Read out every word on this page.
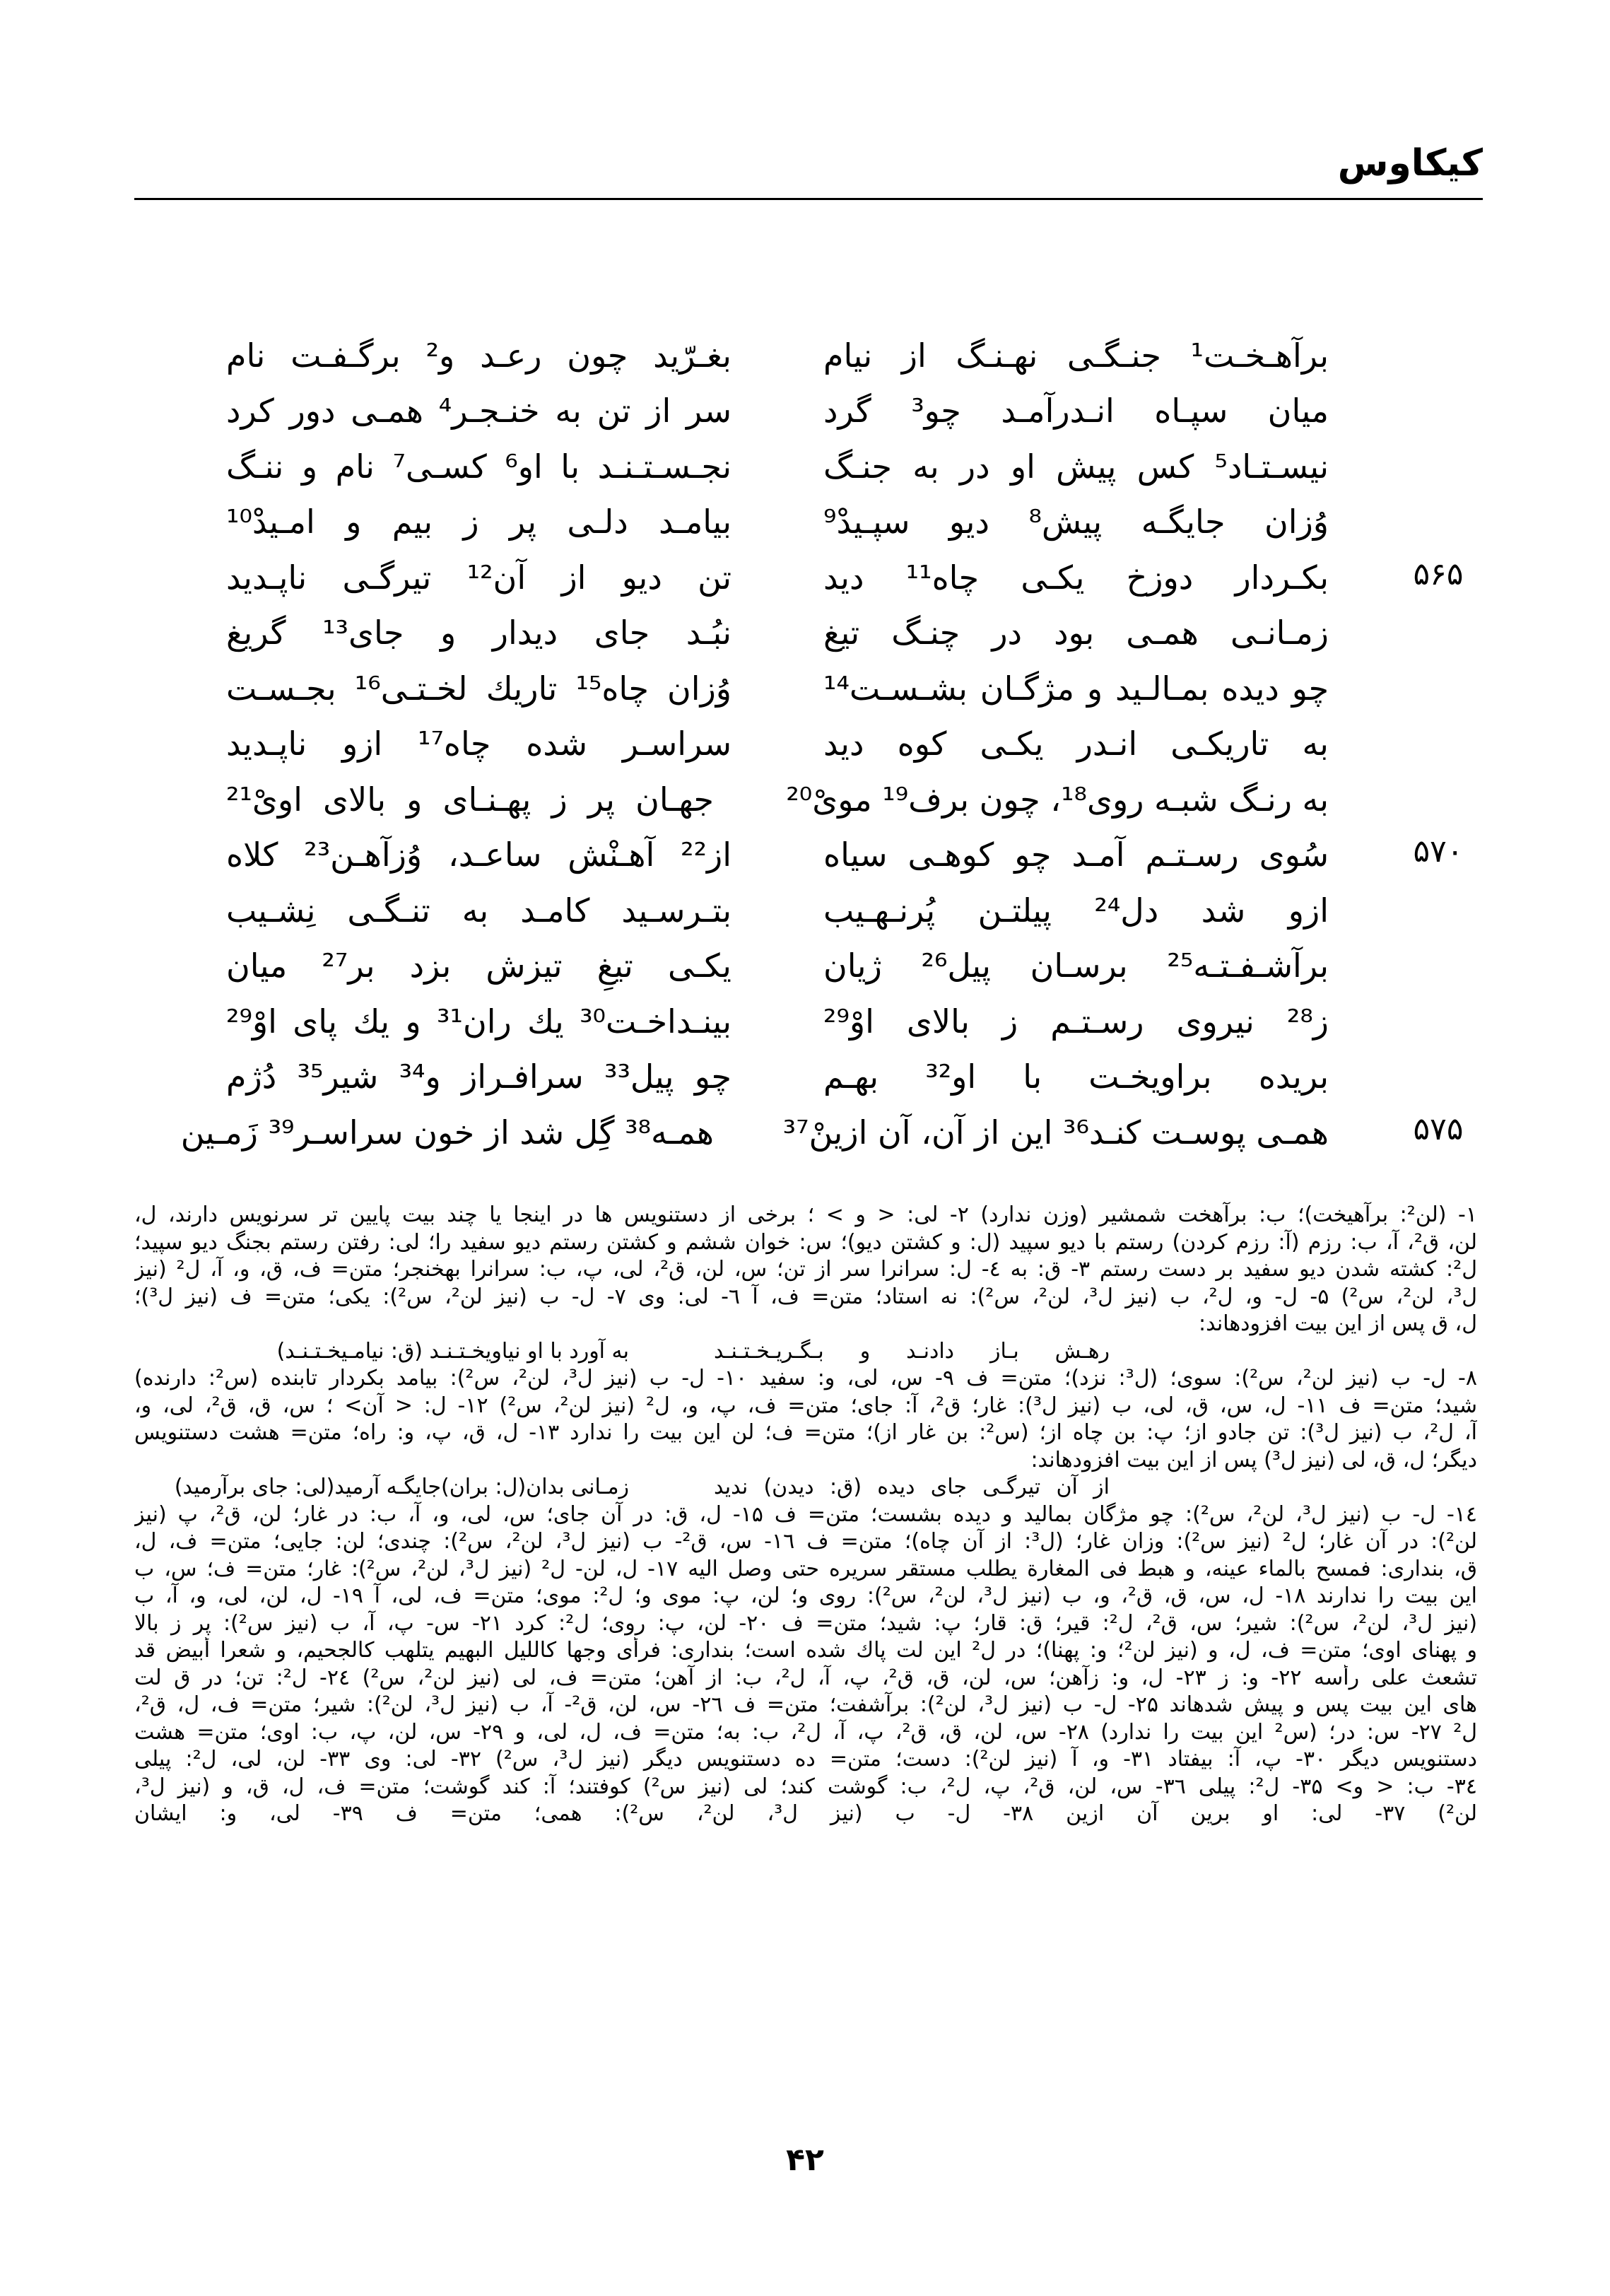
کیکاوس
برآهـخـت¹ جنـگـی نهـنـگ از نیام
بغـرّید چون رعـد و² برگـفـت نام
میان سپـاه انـدرآمـد چو³ گرد
سر از تن به خنـجـر⁴ همـی دور کرد
نیسـتـاد⁵ کس پیش او در به جنـگ
نجـسـتـنـد با او⁶ کسـی⁷ نام و ننـگ
وُزان جایگـه پیش⁸ دیو سپـیدْ⁹
بیامـد دلـی پر ز بیم و امـیدْ¹⁰
۵۶۵
بکـردار دوزخ یکـی چاه¹¹ دید
تن دیو از آن¹² تیرگـی ناپـدید
زمـانـی همـی بود در چنـگ تیغ
نبُـد جای دیدار و جای¹³ گریغ
چو دیده بمـالـید و مژگـان بشـسـت¹⁴
وُزان چاه¹⁵ تاریك لخـتـی¹⁶ بجـسـت
به تاریکـی انـدر یکـی کوه دید
سراسـر شده چاه¹⁷ ازو ناپـدید
به رنـگ شبـه روی¹⁸، چون برف¹⁹ مویْ²⁰
جهـان پر ز پهـنـای و بالای اویْ²¹
۵۷۰
سُوی رسـتـم آمـد چو کوهـی سیاه
از²² آهـنْش ساعـد، وُزآهـن²³ کلاه
ازو شد دل²⁴ پیلتـن پُرنـهـیب
بتـرسـید کامـد به تنـگـی نِشـیب
برآشـفـتـه²⁵ برسـان پیل²⁶ ژیان
یکـی تیغِ تیزش بزد بر²⁷ میان
ز²⁸ نیروی رسـتـم ز بالای اوْ²⁹
بینـداخـت³⁰ یك ران³¹ و یك پای اوْ²⁹
بریده براویخـت با او³² بهـم
چو پیل³³ سرافـراز و³⁴ شیر³⁵ دُژم
۵۷۵
همـی پوسـت کنـد³⁶ این از آن، آن ازینْ³⁷
همـه³⁸ گِل شد از خون سراسـر³⁹ زَمـین
۱- (لن²: برآهیخت)؛ ب: برآهخت شمشیر (وزن ندارد) ۲- لی: < و > ؛ برخی از دستنویس ها در اینجا یا چند بیت پایین تر سرنویس دارند، ل،
لن، ق²، آ، ب: رزم (آ: رزم کردن) رستم با دیو سپید (ل: و کشتن دیو)؛ س: خوان ششم و کشتن رستم دیو سفید را؛ لی: رفتن رستم بجنگ دیو سپید؛
ل²: کشته شدن دیو سفید بر دست رستم ۳- ق: به ٤- ل: سرانرا سر از تن؛ س، لن، ق²، لی، پ، ب: سرانرا بهخنجر؛ متن= ف، ق، و، آ، ل² (نیز
ل³، لن²، س²) ۵- ل- و، ل²، ب (نیز ل³، لن²، س²): نه استاد؛ متن= ف، آ ٦- لی: وی ۷- ل- ب (نیز لن²، س²): یکی؛ متن= ف (نیز ل³)؛
ل، ق پس از این بیت افزودهاند:
رهـش بـاز دادنـد و بـگـریـخـتـنـد
به آورد با او نیاویخـتـنـد (ق: نیامـیخـتـنـد)
۸- ل- ب (نیز لن²، س²): سوی؛ (ل³: نزد)؛ متن= ف ۹- س، لی، و: سفید ۱۰- ل- ب (نیز ل³، لن²، س²): بیامد بکردار تابنده (س²: دارنده)
شید؛ متن= ف ۱۱- ل، س، ق، لی، ب (نیز ل³): غار؛ ق²، آ: جای؛ متن= ف، پ، و، ل² (نیز لن²، س²) ۱۲- ل: < آن> ؛ س، ق، ق²، لی، و،
آ، ل²، ب (نیز ل³): تن جادو از؛ پ: بن چاه از؛ (س²: بن غار از)؛ متن= ف؛ لن این بیت را ندارد ۱۳- ل، ق، پ، و: راه؛ متن= هشت دستنویس
دیگر؛ ل، ق، لی (نیز ل³) پس از این بیت افزودهاند:
از آن تیرگـی جای دیده (ق: دیدن) ندید
زمـانی بدان(ل: بران)جایگـه آرمید(لی: جای برآرمید)
۱٤- ل- ب (نیز ل³، لن²، س²): چو مژگان بمالید و دیده بشست؛ متن= ف ۱۵- ل، ق: در آن جای؛ س، لی، و، آ، ب: در غار؛ لن، ق²، پ (نیز
لن²): در آن غار؛ ل² (نیز س²): وزان غار؛ (ل³: از آن چاه)؛ متن= ف ۱٦- س، ق²- ب (نیز ل³، لن²، س²): چندی؛ لن: جایی؛ متن= ف، ل،
ق، بنداری: فمسح بالماء عینه، و هبط فی المغارة یطلب مستقر سریره حتی وصل الیه ۱۷- ل، لن- ل² (نیز ل³، لن²، س²): غار؛ متن= ف؛ س، ب
این بیت را ندارند ۱۸- ل، س، ق، ق²، و، ب (نیز ل³، لن²، س²): روی و؛ لن، پ: موی و؛ ل²: موی؛ متن= ف، لی، آ ۱۹- ل، لن، لی، و، آ، ب
(نیز ل³، لن²، س²): شیر؛ س، ق²، ل²: قیر؛ ق: قار؛ پ: شید؛ متن= ف ۲۰- لن، پ: روی؛ ل²: کرد ۲۱- س- پ، آ، ب (نیز س²): پر ز بالا
و پهنای اوی؛ متن= ف، ل، و (نیز لن²؛ و: پهنا)؛ در ل² این لت پاك شده است؛ بنداری: فرأى وجها کاللیل البهیم یتلهب کالجحیم، و شعرا أبیض قد
تشعث علی رأسه ۲۲- و: ز ۲۳- ل، و: زآهن؛ س، لن، ق، ق²، پ، آ، ل²، ب: از آهن؛ متن= ف، لی (نیز لن²، س²) ۲٤- ل²: تن؛ در ق لت
های این بیت پس و پیش شدهاند ۲۵- ل- ب (نیز ل³، لن²): برآشفت؛ متن= ف ۲٦- س، لن، ق²- آ، ب (نیز ل³، لن²): شیر؛ متن= ف، ل، ق²،
ل² ۲۷- س: در؛ (س² این بیت را ندارد) ۲۸- س، لن، ق، ق²، پ، آ، ل²، ب: به؛ متن= ف، ل، لی، و ۲۹- س، لن، پ، ب: اوی؛ متن= هشت
دستنویس دیگر ۳۰- پ، آ: بیفتاد ۳۱- و، آ (نیز لن²): دست؛ متن= ده دستنویس دیگر (نیز ل³، س²) ۳۲- لی: وی ۳۳- لن، لی، ل²: پیلی
۳٤- ب: < و> ۳۵- ل²: پیلی ۳٦- س، لن، ق²، پ، ل²، ب: گوشت کند؛ لی (نیز س²) کوفتند؛ آ: کند گوشت؛ متن= ف، ل، ق، و (نیز ل³،
لن²) ۳۷- لی: او برین آن ازین ۳۸- ل- ب (نیز ل³، لن²، س²): همی؛ متن= ف ۳۹- لی، و: ایشان
۴۲
